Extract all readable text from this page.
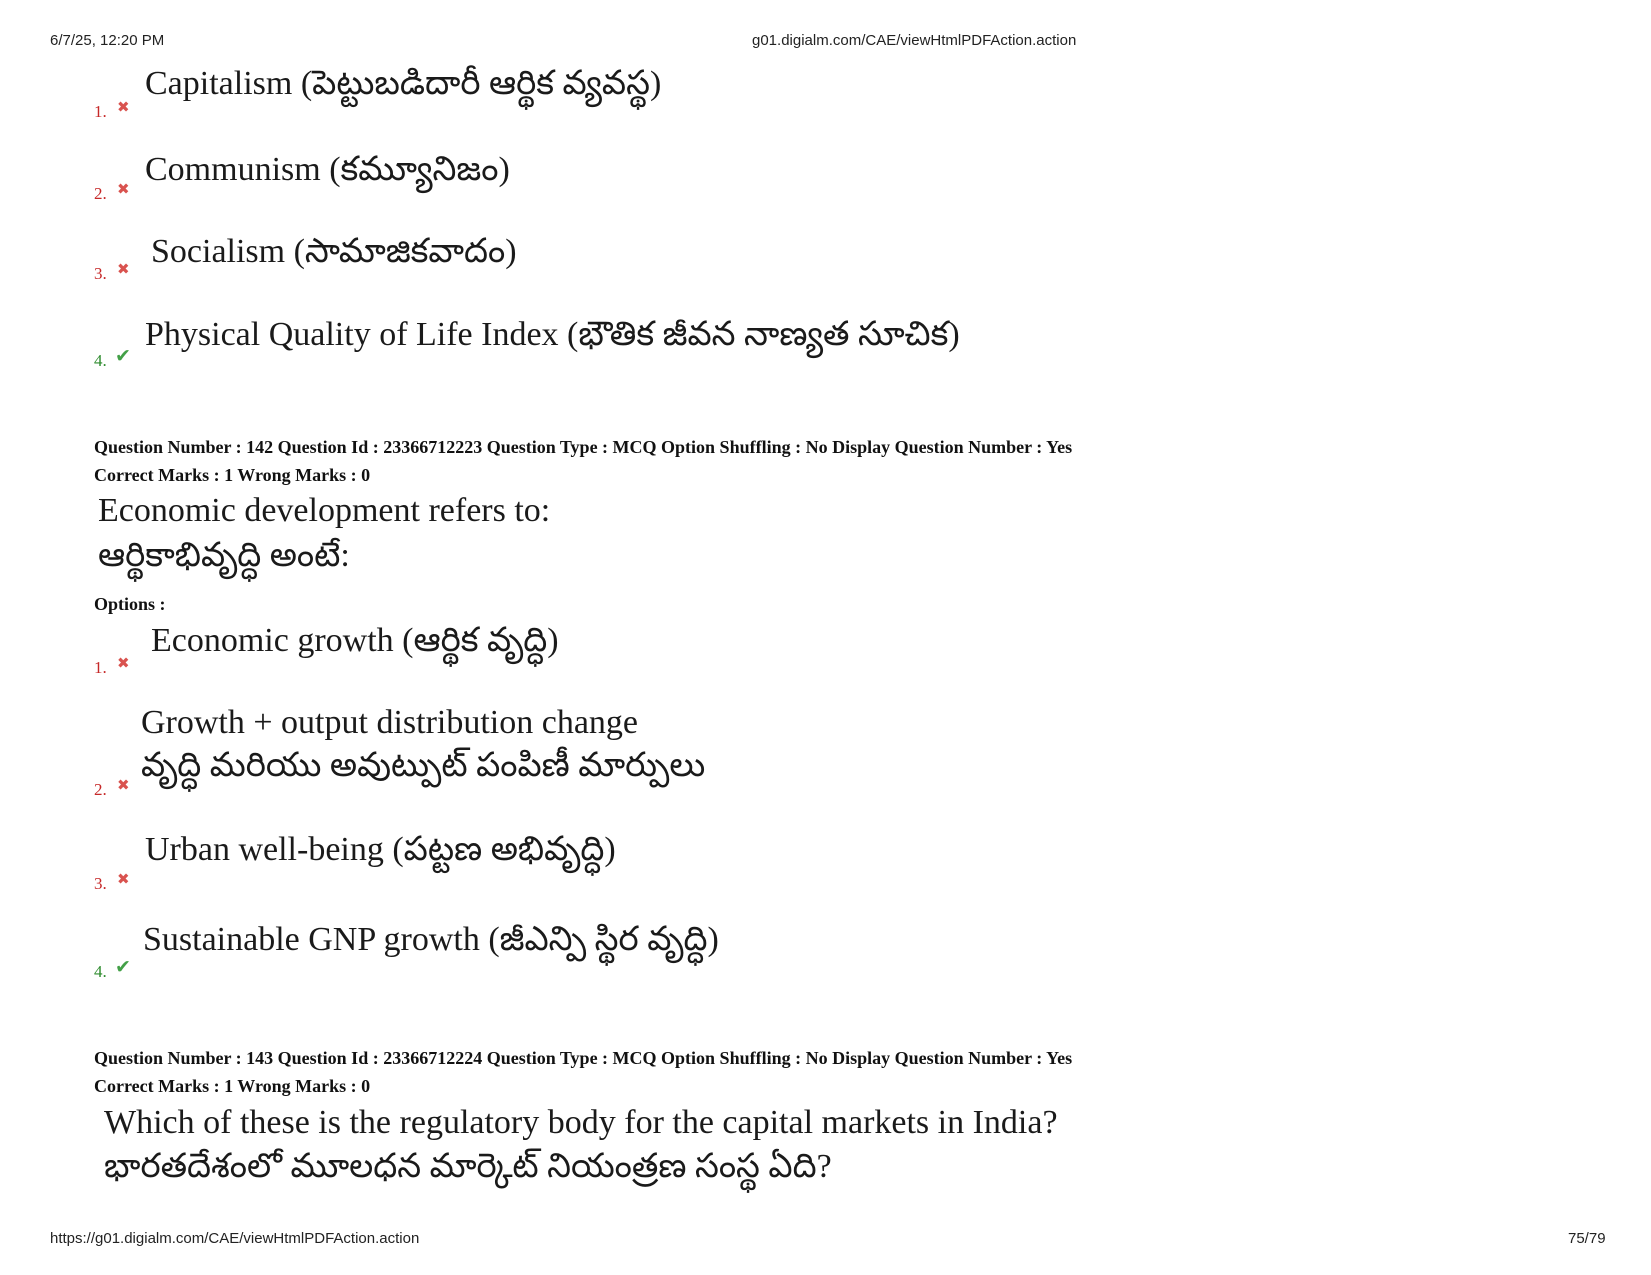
6/7/25, 12:20 PM	g01.digialm.com/CAE/viewHtmlPDFAction.action
1. ✖
Capitalism (పెట్టుబడిదారీ ఆర్థిక వ్యవస్థ)
2. ✖
Communism (కమ్యూనిజం)
3. ✖ Socialism (సామాజికవాదం)
4. ✔
Physical Quality of Life Index (భౌతిక జీవన నాణ్యత సూచిక)
Question Number : 142 Question Id : 23366712223 Question Type : MCQ Option Shuffling : No Display Question Number : Yes
Correct Marks : 1 Wrong Marks : 0
Economic development refers to:
ఆర్థికాభివృద్ధి అంటే:
Options :
1. ✖
Economic growth (ఆర్థిక వృద్ధి)
Growth + output distribution change
2. ✖
వృద్ధి మరియు అవుట్పుట్ పంపిణీ మార్పులు
3. ✖
Urban well-being (పట్టణ అభివృద్ధి)
4. ✔
Sustainable GNP growth (జీఎన్పి స్థిర వృద్ధి)
Question Number : 143 Question Id : 23366712224 Question Type : MCQ Option Shuffling : No Display Question Number : Yes
Correct Marks : 1 Wrong Marks : 0
Which of these is the regulatory body for the capital markets in India?
భారతదేశంలో మూలధన మార్కెట్ నియంత్రణ సంస్థ ఏది?
https://g01.digialm.com/CAE/viewHtmlPDFAction.action	75/79
